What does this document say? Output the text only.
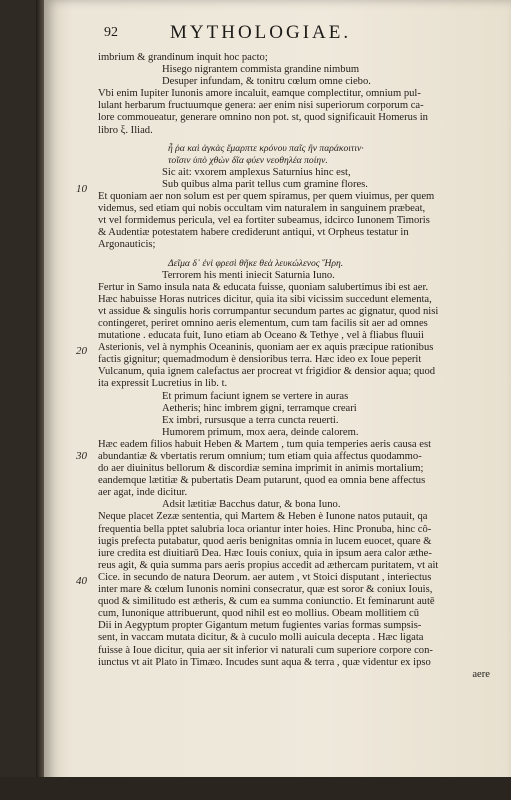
92	MYTHOLOGIAE.
10
20
30
40
imbrium & grandinum inquit hoc pacto;
Hisego nigrantem commista grandine nimbum
Desuper infundam, & tonitru cœlum omne ciebo.
Vbi enim Iupiter Iunonis amore incaluit, eamque complectitur, omnium pul-
lulant herbarum fructuumque genera: aer enim nisi superiorum corporum ca-
lore commoueatur, generare omnino non pot. st, quod significauit Homerus in
libro ξ. Iliad.
ἦ ῥα καὶ ἀγκὰς ἔμαρπτε κρόνου παῖς ἣν παράκοιτιν·
τοῖσιν ὑπὸ χθὼν δῖα φύεν νεοθηλέα ποίην.
Sic ait: vxorem amplexus Saturnius hinc est,
Sub quibus alma parit tellus cum gramine flores.
Et quoniam aer non solum est per quem spiramus, per quem viuimus, per quem
videmus, sed etiam qui nobis occultam vim naturalem in sanguinem præbeat,
vt vel formidemus pericula, vel ea fortiter subeamus, idcirco Iunonem Timoris
& Audentiæ potestatem habere crediderunt antiqui, vt Orpheus testatur in
Argonauticis;
Δεῖμα δ᾽ ἐνὶ φρεσὶ θῆκε θεὰ λευκώλενος Ἥρη.
Terrorem his menti iniecit Saturnia Iuno.
Fertur in Samo insula nata & educata fuisse, quoniam salubertimus ibi est aer.
Hæc habuisse Horas nutrices dicitur, quia ita sibi vicissim succedunt elementa,
vt assidue & singulis horis corrumpantur secundum partes ac gignatur, quod nisi
contingeret, periret omnino aeris elementum, cum tam facilis sit aer ad omnes
mutatione . educata fuit, Iuno etiam ab Oceano & Tethye , vel à fliabus fluuii
Asterionis, vel à nymphis Oceaninis, quoniam aer ex aquis præcipue rationibus
factis gignitur; quemadmodum è densioribus terra. Hæc ideo ex Ioue peperit
Vulcanum, quia ignem calefactus aer procreat vt frigidior & densior aqua; quod
ita expressit Lucretius in lib. t.
Et primum faciunt ignem se vertere in auras
Aetheris; hinc imbrem gigni, terramque creari
Ex imbri, rursusque a terra cuncta reuerti.
Humorem primum, mox aera, deinde calorem.
Hæc eadem filios habuit Heben & Martem , tum quia temperies aeris causa est
abundantiæ & vbertatis rerum omnium; tum etiam quia affectus quodammo-
do aer diuinitus bellorum & discordiæ semina imprimit in animis mortalium;
eandemque lætitiæ & pubertatis Deam putarunt, quod ea omnia bene affectus
aer agat, inde dicitur.
Adsit lætitiæ Bacchus datur, & bona Iuno.
Neque placet Zezæ sententia, qui Martem & Heben è Iunone natos putauit, qa
frequentia bella pptet salubria loca oriantur inter hoies. Hinc Pronuba, hinc cô-
iugis prefecta putabatur, quod aeris benignitas omnia in lucem euocet, quare &
iure credita est diuitiarū Dea. Hæc Iouis coniux, quia in ipsum aera calor æthe-
reus agit, & quia summa pars aeris propius accedit ad æthercam puritatem, vt ait
Cice. in secundo de natura Deorum. aer autem , vt Stoici disputant , interiectus
inter mare & cœlum Iunonis nomini consecratur, quæ est soror & coniux Iouis,
quod & similitudo est ætheris, & cum ea summa coniunctio. Et feminarunt autē
cum, Iunonique attribuerunt, quod nihil est eo mollius. Obeam mollitiem cū
Dii in Aegyptum propter Gigantum metum fugientes varias formas sumpsis-
sent, in vaccam mutata dicitur, & à cuculo molli auicula decepta . Hæc ligata
fuisse à Ioue dicitur, quia aer sit inferior vi naturali cum superiore corpore con-
iunctus vt ait Plato in Timæo. Incudes sunt aqua & terra , quæ videntur ex ipso
aere
